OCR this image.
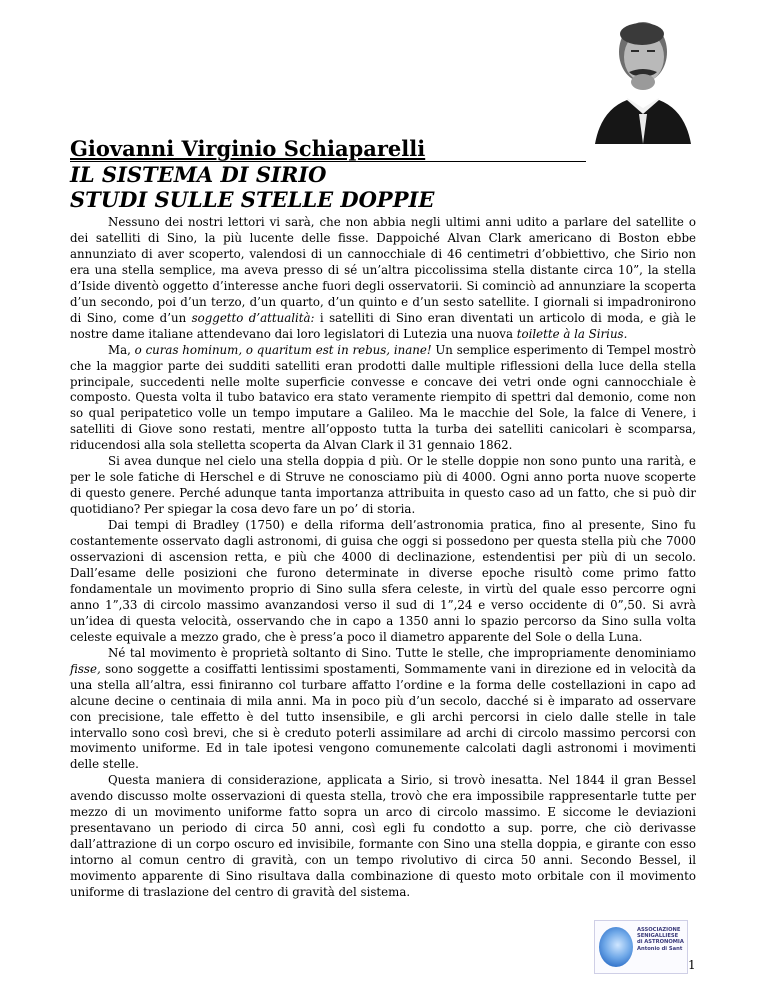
Giovanni Virginio Schiaparelli
IL SISTEMA DI SIRIO
STUDI SULLE STELLE DOPPIE

Nessuno dei nostri lettori vi sarà, che non abbia negli ultimi anni udito a parlare del satellite o dei satelliti di Sino, la più lucente delle fisse. Dappoiché Alvan Clark americano di Boston ebbe annunziato di aver scoperto, valendosi di un cannocchiale di 46 centimetri d’obbiettivo, che Sirio non era una stella semplice, ma aveva presso di sé un’altra piccolissima stella distante circa 10”, la stella d’Iside diventò oggetto d’interesse anche fuori degli osservatorii. Si cominciò ad annunziare la scoperta d’un secondo, poi d’un terzo, d’un quarto, d’un quinto e d’un sesto satellite. I giornali si impadronirono di Sino, come d’un soggetto d’attualità: i satelliti di Sino eran diventati un articolo di moda, e già le nostre dame italiane attendevano dai loro legislatori di Lutezia una nuova toilette à la Sirius.

Ma, o curas hominum, o quaritum est in rebus, inane! Un semplice esperimento di Tempel mostrò che la maggior parte dei sudditi satelliti eran prodotti dalle multiple riflessioni della luce della stella principale, succedenti nelle molte superficie convesse e concave dei vetri onde ogni cannocchiale è composto. Questa volta il tubo batavico era stato veramente riempito di spettri dal demonio, come non so qual peripatetico volle un tempo imputare a Galileo. Ma le macchie del Sole, la falce di Venere, i satelliti di Giove sono restati, mentre all’opposto tutta la turba dei satelliti canicolari è scomparsa, riducendosi alla sola stelletta scoperta da Alvan Clark il 31 gennaio 1862.

Si avea dunque nel cielo una stella doppia d più. Or le stelle doppie non sono punto una rarità, e per le sole fatiche di Herschel e di Struve ne conosciamo più di 4000. Ogni anno porta nuove scoperte di questo genere. Perché adunque tanta importanza attribuita in questo caso ad un fatto, che si può dir quotidiano? Per spiegar la cosa devo fare un po’ di storia.

Dai tempi di Bradley (1750) e della riforma dell’astronomia pratica, fino al presente, Sino fu costantemente osservato dagli astronomi, di guisa che oggi si possedono per questa stella più che 7000 osservazioni di ascension retta, e più che 4000 di declinazione, estendentisi per più di un secolo. Dall’esame delle posizioni che furono determinate in diverse epoche risultò come primo fatto fondamentale un movimento proprio di Sino sulla sfera celeste, in virtù del quale esso percorre ogni anno 1”,33 di circolo massimo avanzandosi verso il sud di 1”,24 e verso occidente di 0”,50. Si avrà un’idea di questa velocità, osservando che in capo a 1350 anni lo spazio percorso da Sino sulla volta celeste equivale a mezzo grado, che è press’a poco il diametro apparente del Sole o della Luna.

Né tal movimento è proprietà soltanto di Sino. Tutte le stelle, che impropriamente denominiamo fisse, sono soggette a cosiffatti lentissimi spostamenti, Sommamente vani in direzione ed in velocità da una stella all’altra, essi finiranno col turbare affatto l’ordine e la forma delle costellazioni in capo ad alcune decine o centinaia di mila anni. Ma in poco più d’un secolo, dacché si è imparato ad osservare con precisione, tale effetto è del tutto insensibile, e gli archi percorsi in cielo dalle stelle in tale intervallo sono così brevi, che si è creduto poterli assimilare ad archi di circolo massimo percorsi con movimento uniforme. Ed in tale ipotesi vengono comunemente calcolati dagli astronomi i movimenti delle stelle.

Questa maniera di considerazione, applicata a Sirio, si trovò inesatta. Nel 1844 il gran Bessel avendo discusso molte osservazioni di questa stella, trovò che era impossibile rappresentarle tutte per mezzo di un movimento uniforme fatto sopra un arco di circolo massimo. E siccome le deviazioni presentavano un periodo di circa 50 anni, così egli fu condotto a sup. porre, che ciò derivasse dall’attrazione di un corpo oscuro ed invisibile, formante con Sino una stella doppia, e girante con esso intorno al comun centro di gravità, con un tempo rivolutivo di circa 50 anni. Secondo Bessel, il movimento apparente di Sino risultava dalla combinazione di questo moto orbitale con il movimento uniforme di traslazione del centro di gravità del sistema.

ASSOCIAZIONE
SENIGALLIESE
di ASTRONOMIA
Antonio di Sant
1
